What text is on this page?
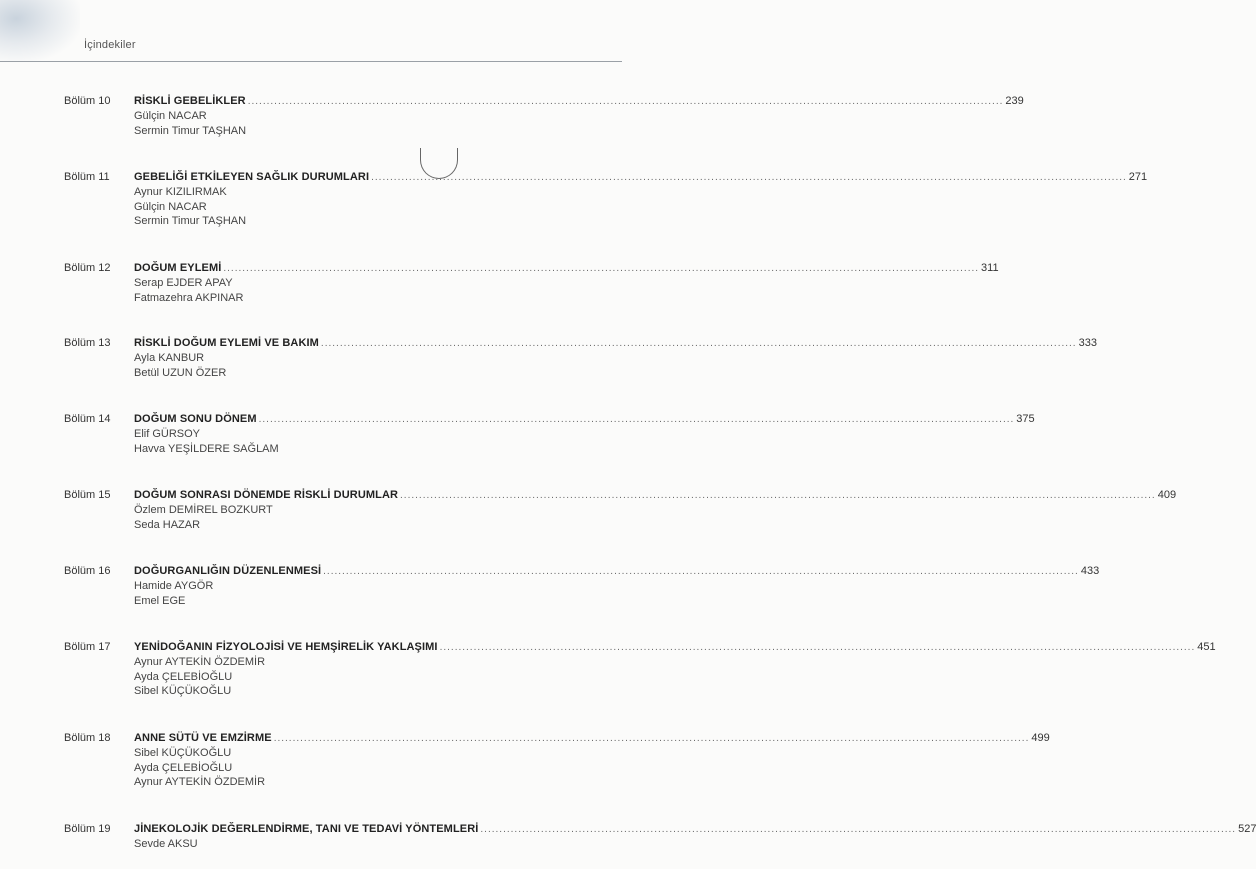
İçindekiler
Bölüm 10 RİSKLİ GEBELİKLER ........................................................................................................................................................................................................ 239
Gülçin NACAR
Sermin Timur TAŞHAN
Bölüm 11 GEBELİĞİ ETKİLEYEN SAĞLIK DURUMLARI ........................................................................................................................................................................................................ 271
Aynur KIZILIRMAK
Gülçin NACAR
Sermin Timur TAŞHAN
Bölüm 12 DOĞUM EYLEMİ ........................................................................................................................................................................................................ 311
Serap EJDER APAY
Fatmazehra AKPINAR
Bölüm 13 RİSKLİ DOĞUM EYLEMİ VE BAKIM ........................................................................................................................................................................................................ 333
Ayla KANBUR
Betül UZUN ÖZER
Bölüm 14 DOĞUM SONU DÖNEM ........................................................................................................................................................................................................ 375
Elif GÜRSOY
Havva YEŞİLDERE SAĞLAM
Bölüm 15 DOĞUM SONRASI DÖNEMDE RİSKLİ DURUMLAR ........................................................................................................................................................................................................ 409
Özlem DEMİREL BOZKURT
Seda HAZAR
Bölüm 16 DOĞURGANLIĞIN DÜZENLENMESİ ........................................................................................................................................................................................................ 433
Hamide AYGÖR
Emel EGE
Bölüm 17 YENİDOĞANIN FİZYOLOJİSİ VE HEMŞİRELİK YAKLAŞIMI ........................................................................................................................................................................................................ 451
Aynur AYTEKİN ÖZDEMİR
Ayda ÇELEBİOĞLU
Sibel KÜÇÜKOĞLU
Bölüm 18 ANNE SÜTÜ VE EMZİRME ........................................................................................................................................................................................................ 499
Sibel KÜÇÜKOĞLU
Ayda ÇELEBİOĞLU
Aynur AYTEKİN ÖZDEMİR
Bölüm 19 JİNEKOLOJİK DEĞERLENDİRME, TANI VE TEDAVİ YÖNTEMLERİ ........................................................................................................................................................................................................ 527
Sevde AKSU
